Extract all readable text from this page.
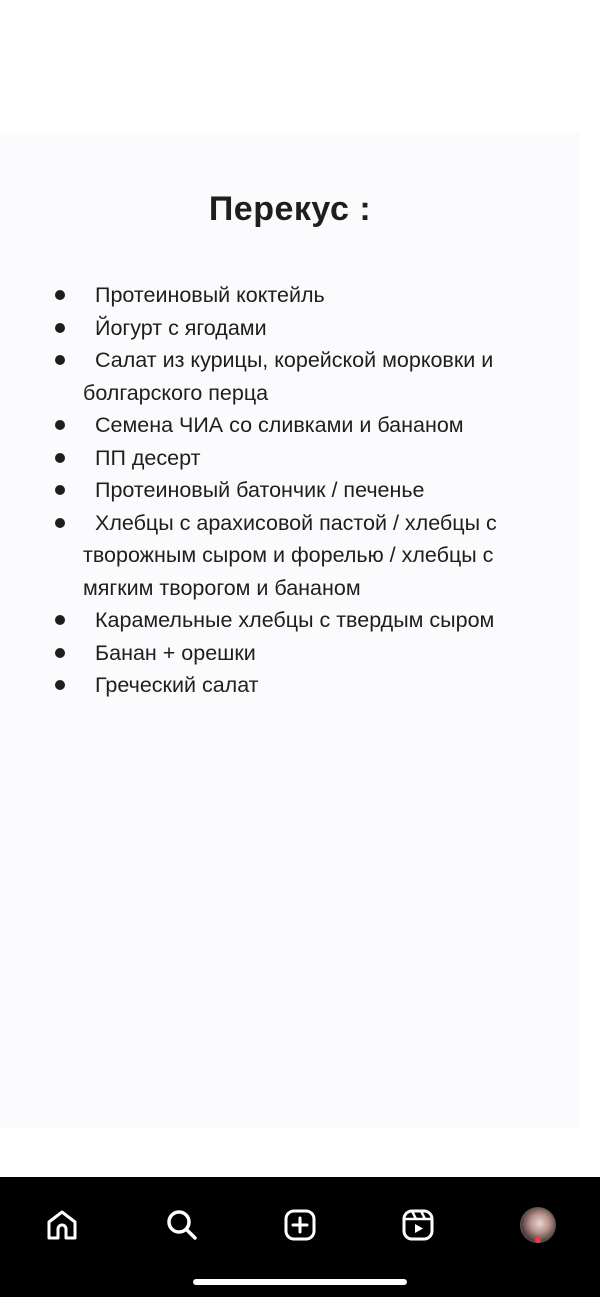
Перекус :
Протеиновый коктейль
Йогурт с ягодами
Салат из курицы, корейской морковки и болгарского перца
Семена ЧИА со сливками и бананом
ПП десерт
Протеиновый батончик / печенье
Хлебцы с арахисовой пастой / хлебцы с творожным сыром и форелью / хлебцы с мягким творогом и бананом
Карамельные хлебцы с твердым сыром
Банан + орешки
Греческий салат
